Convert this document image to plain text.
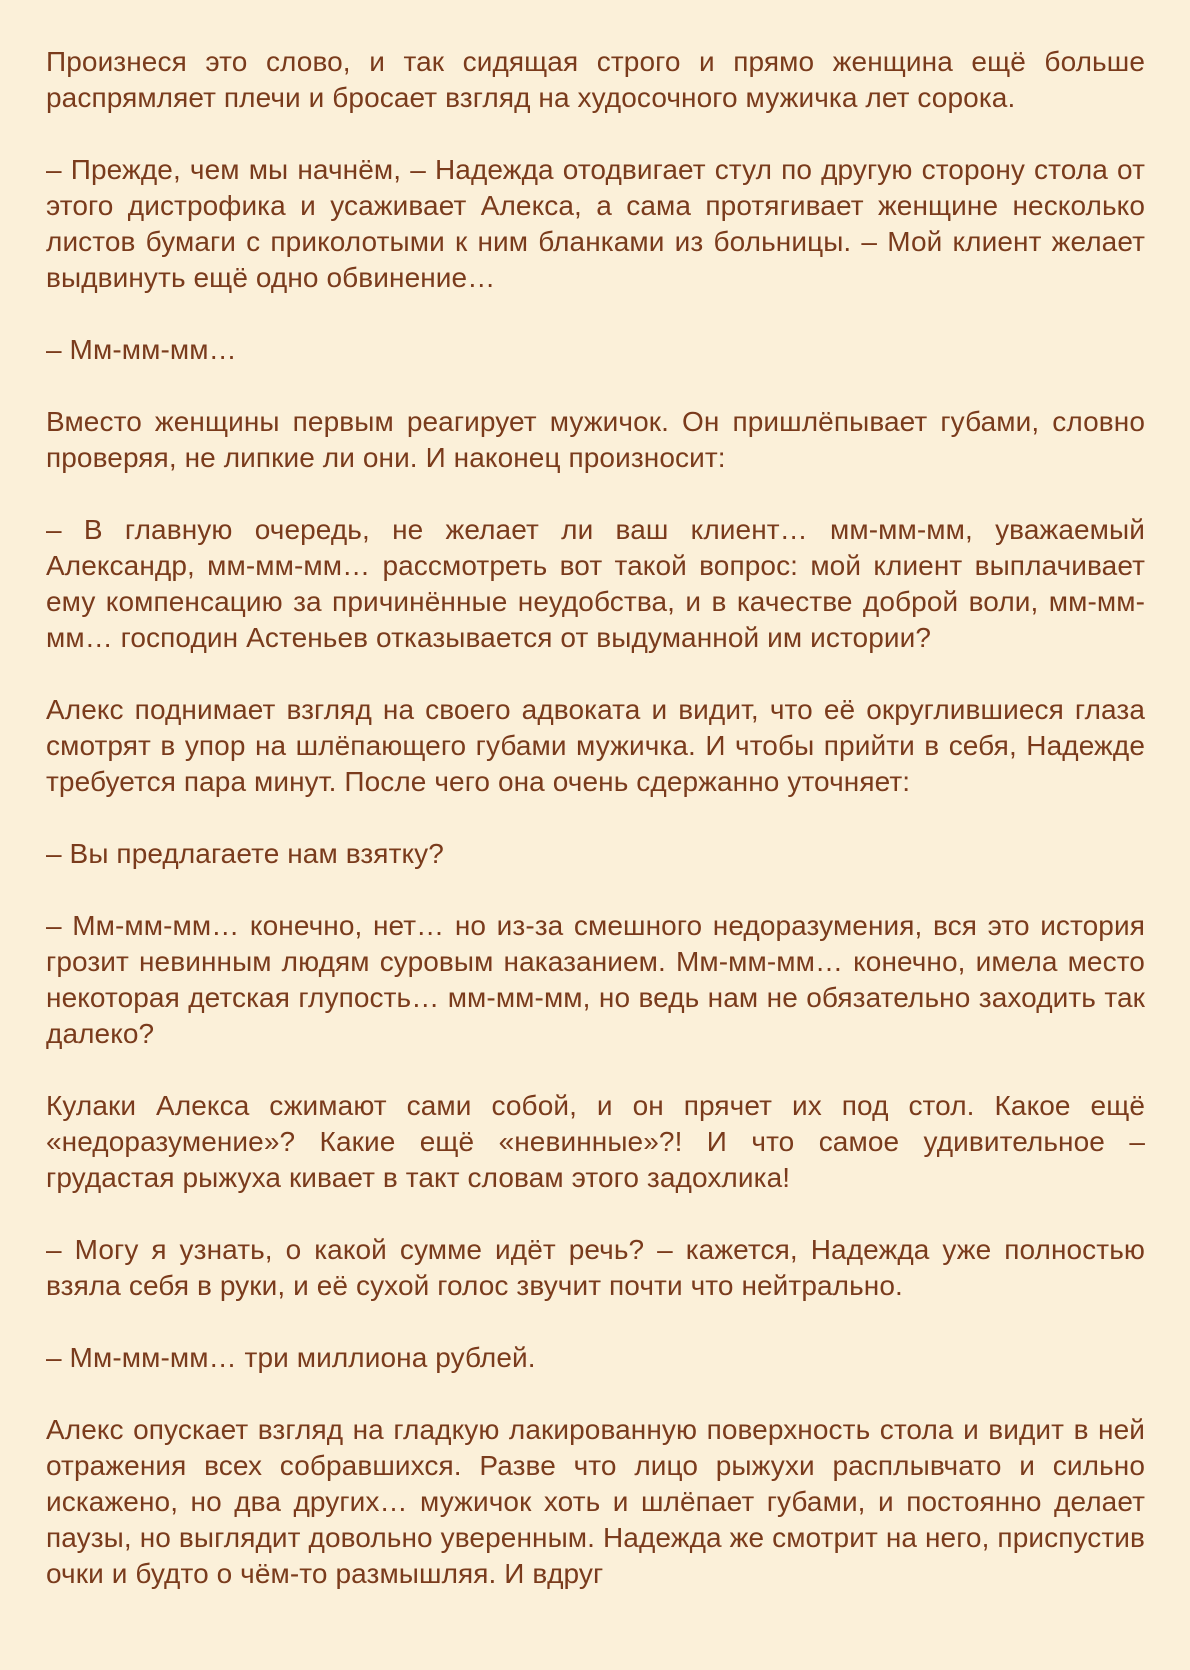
Произнеся это слово, и так сидящая строго и прямо женщина ещё больше распрямляет плечи и бросает взгляд на худосочного мужичка лет сорока.

– Прежде, чем мы начнём, – Надежда отодвигает стул по другую сторону стола от этого дистрофика и усаживает Алекса, а сама протягивает женщине несколько листов бумаги с приколотыми к ним бланками из больницы. – Мой клиент желает выдвинуть ещё одно обвинение…

– Мм-мм-мм…

Вместо женщины первым реагирует мужичок. Он пришлёпывает губами, словно проверяя, не липкие ли они. И наконец произносит:

– В главную очередь, не желает ли ваш клиент… мм-мм-мм, уважаемый Александр, мм-мм-мм… рассмотреть вот такой вопрос: мой клиент выплачивает ему компенсацию за причинённые неудобства, и в качестве доброй воли, мм-мм-мм… господин Астеньев отказывается от выдуманной им истории?

Алекс поднимает взгляд на своего адвоката и видит, что её округлившиеся глаза смотрят в упор на шлёпающего губами мужичка. И чтобы прийти в себя, Надежде требуется пара минут. После чего она очень сдержанно уточняет:

– Вы предлагаете нам взятку?

– Мм-мм-мм… конечно, нет… но из-за смешного недоразумения, вся это история грозит невинным людям суровым наказанием. Мм-мм-мм… конечно, имела место некоторая детская глупость… мм-мм-мм, но ведь нам не обязательно заходить так далеко?

Кулаки Алекса сжимают сами собой, и он прячет их под стол. Какое ещё «недоразумение»? Какие ещё «невинные»?! И что самое удивительное – грудастая рыжуха кивает в такт словам этого задохлика!

– Могу я узнать, о какой сумме идёт речь? – кажется, Надежда уже полностью взяла себя в руки, и её сухой голос звучит почти что нейтрально.

– Мм-мм-мм… три миллиона рублей.

Алекс опускает взгляд на гладкую лакированную поверхность стола и видит в ней отражения всех собравшихся. Разве что лицо рыжухи расплывчато и сильно искажено, но два других… мужичок хоть и шлёпает губами, и постоянно делает паузы, но выглядит довольно уверенным. Надежда же смотрит на него, приспустив очки и будто о чём-то размышляя. И вдруг
